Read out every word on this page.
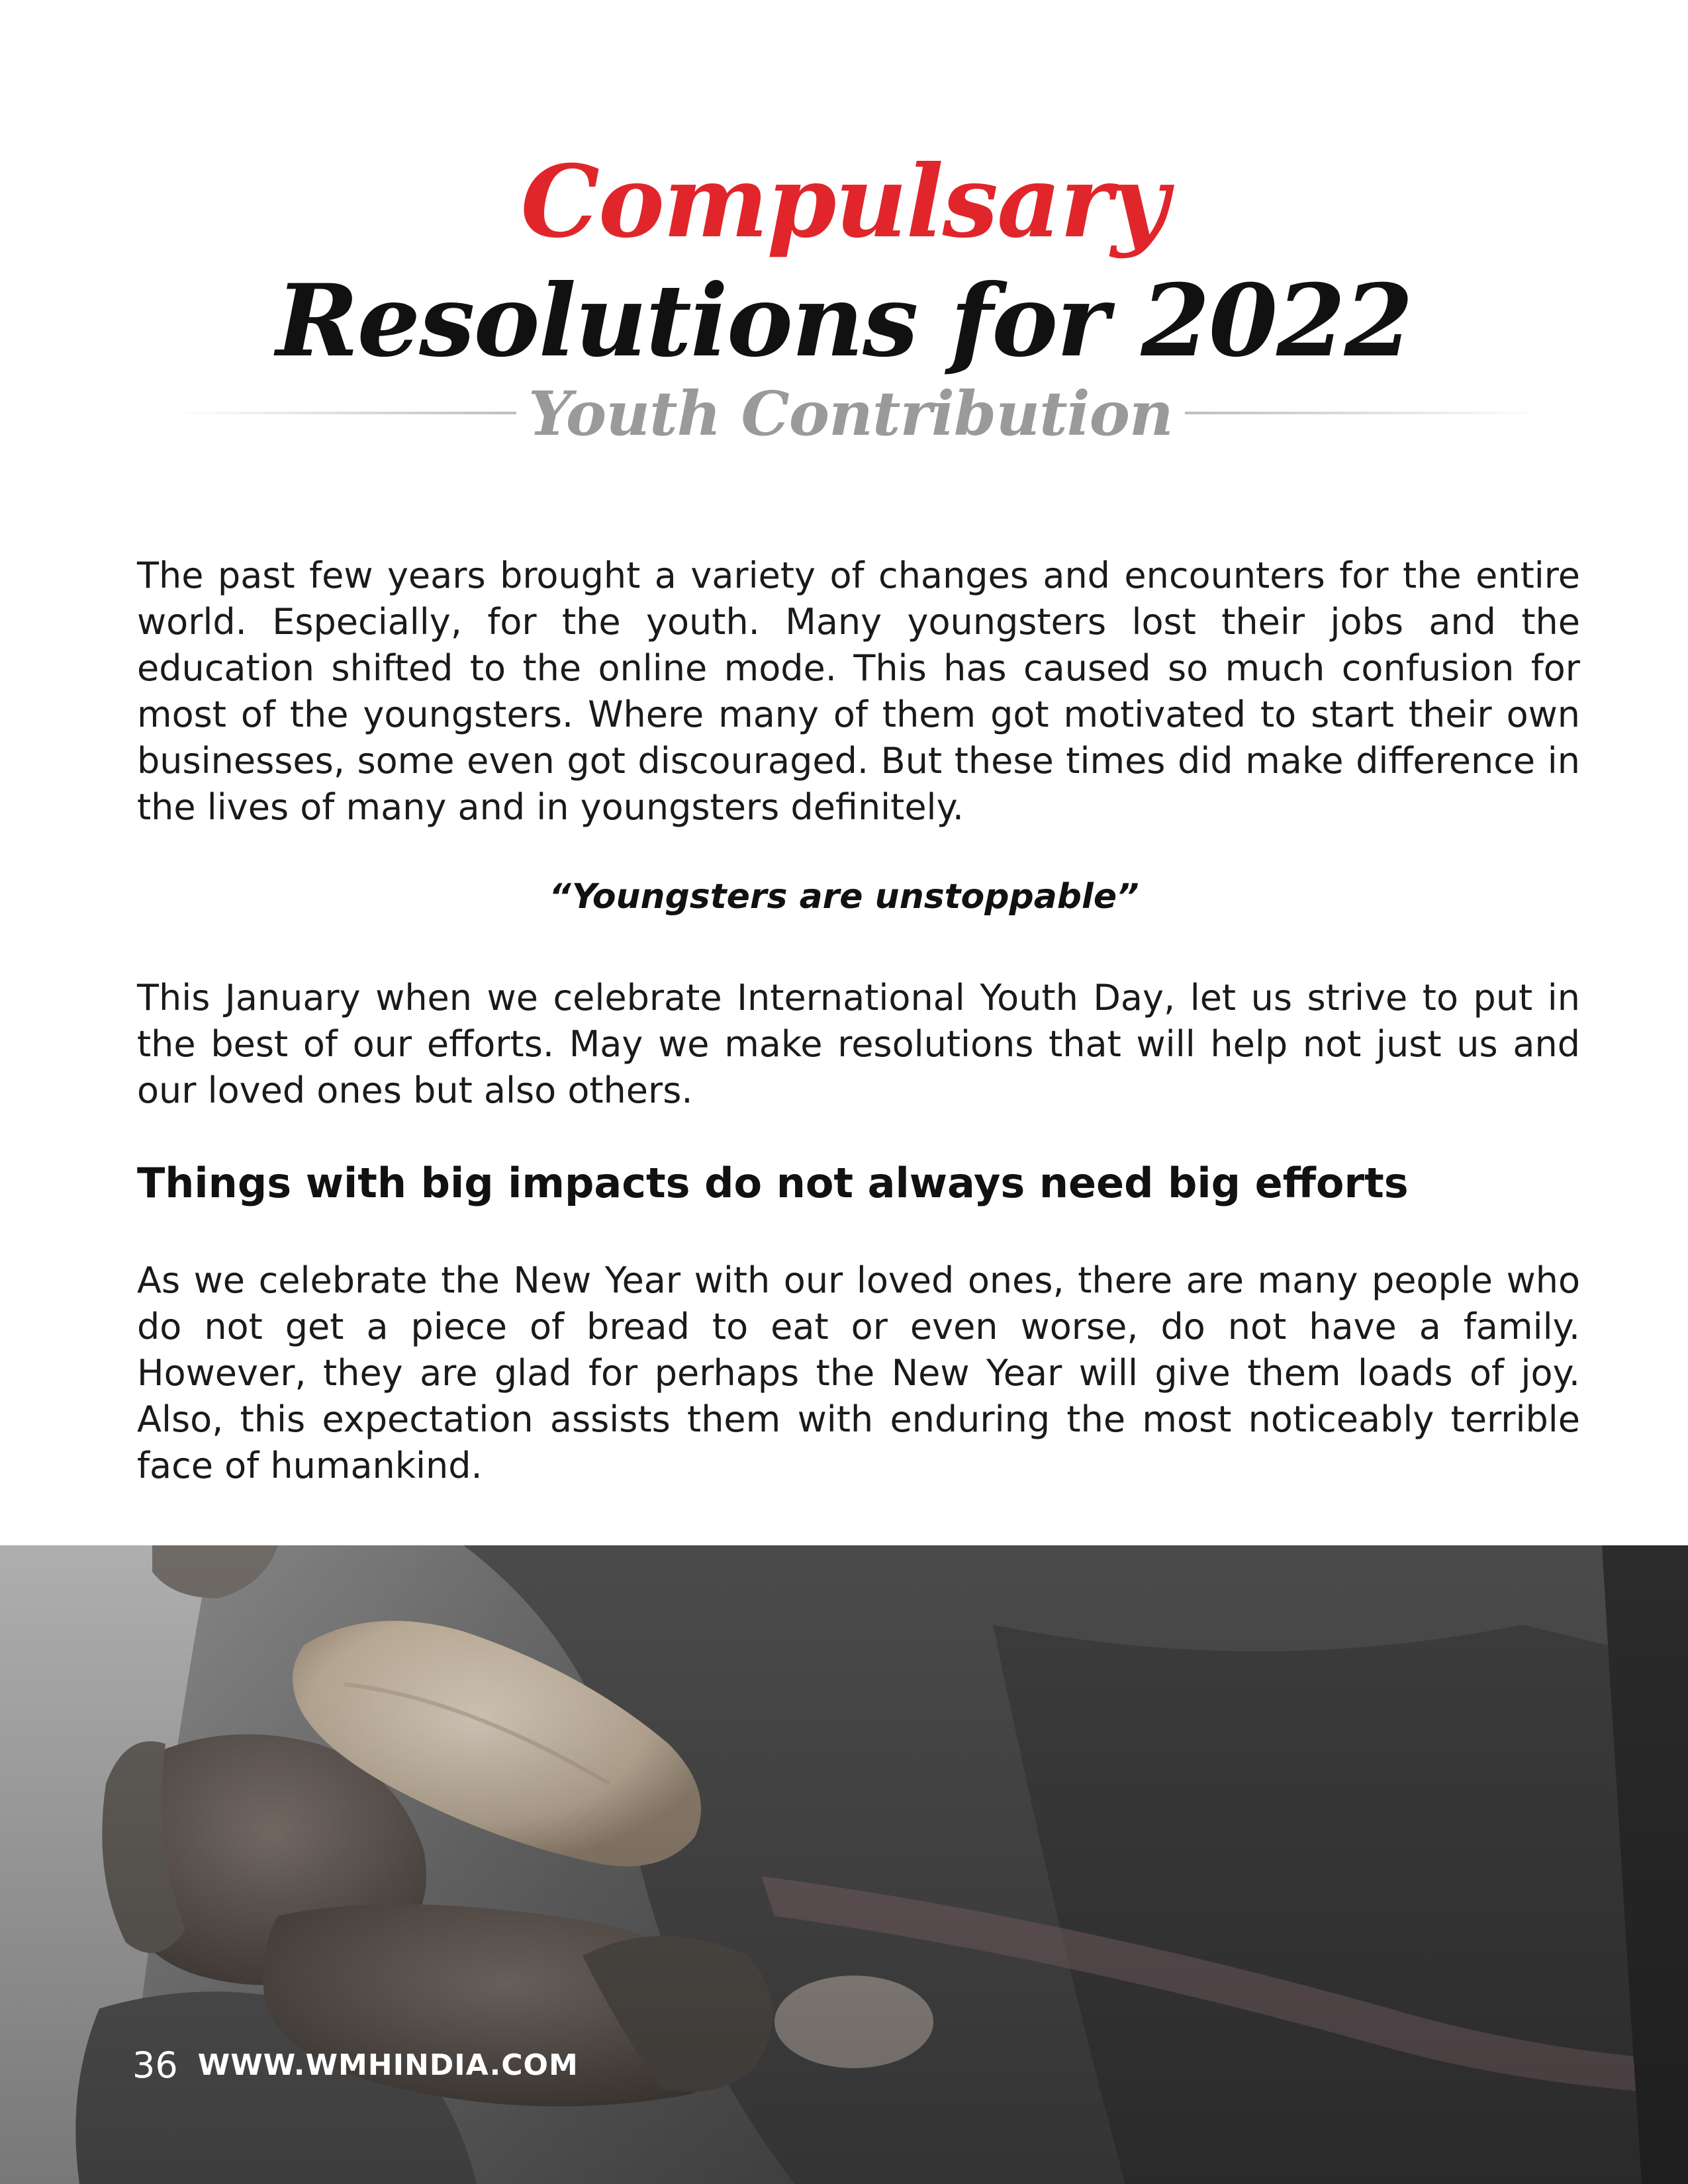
Compulsary
Resolutions for 2022
Youth Contribution

The past few years brought a variety of changes and encounters for the entire world. Especially, for the youth. Many youngsters lost their jobs and the education shifted to the online mode. This has caused so much confusion for most of the youngsters. Where many of them got motivated to start their own businesses, some even got discouraged. But these times did make difference in the lives of many and in youngsters definitely.

“Youngsters are unstoppable”

This January when we celebrate International Youth Day, let us strive to put in the best of our efforts. May we make resolutions that will help not just us and our loved ones but also others.

Things with big impacts do not always need big efforts

As we celebrate the New Year with our loved ones, there are many people who do not get a piece of bread to eat or even worse, do not have a family. However, they are glad for perhaps the New Year will give them loads of joy. Also, this expectation assists them with enduring the most noticeably terrible face of humankind.

36 WWW.WMHINDIA.COM
